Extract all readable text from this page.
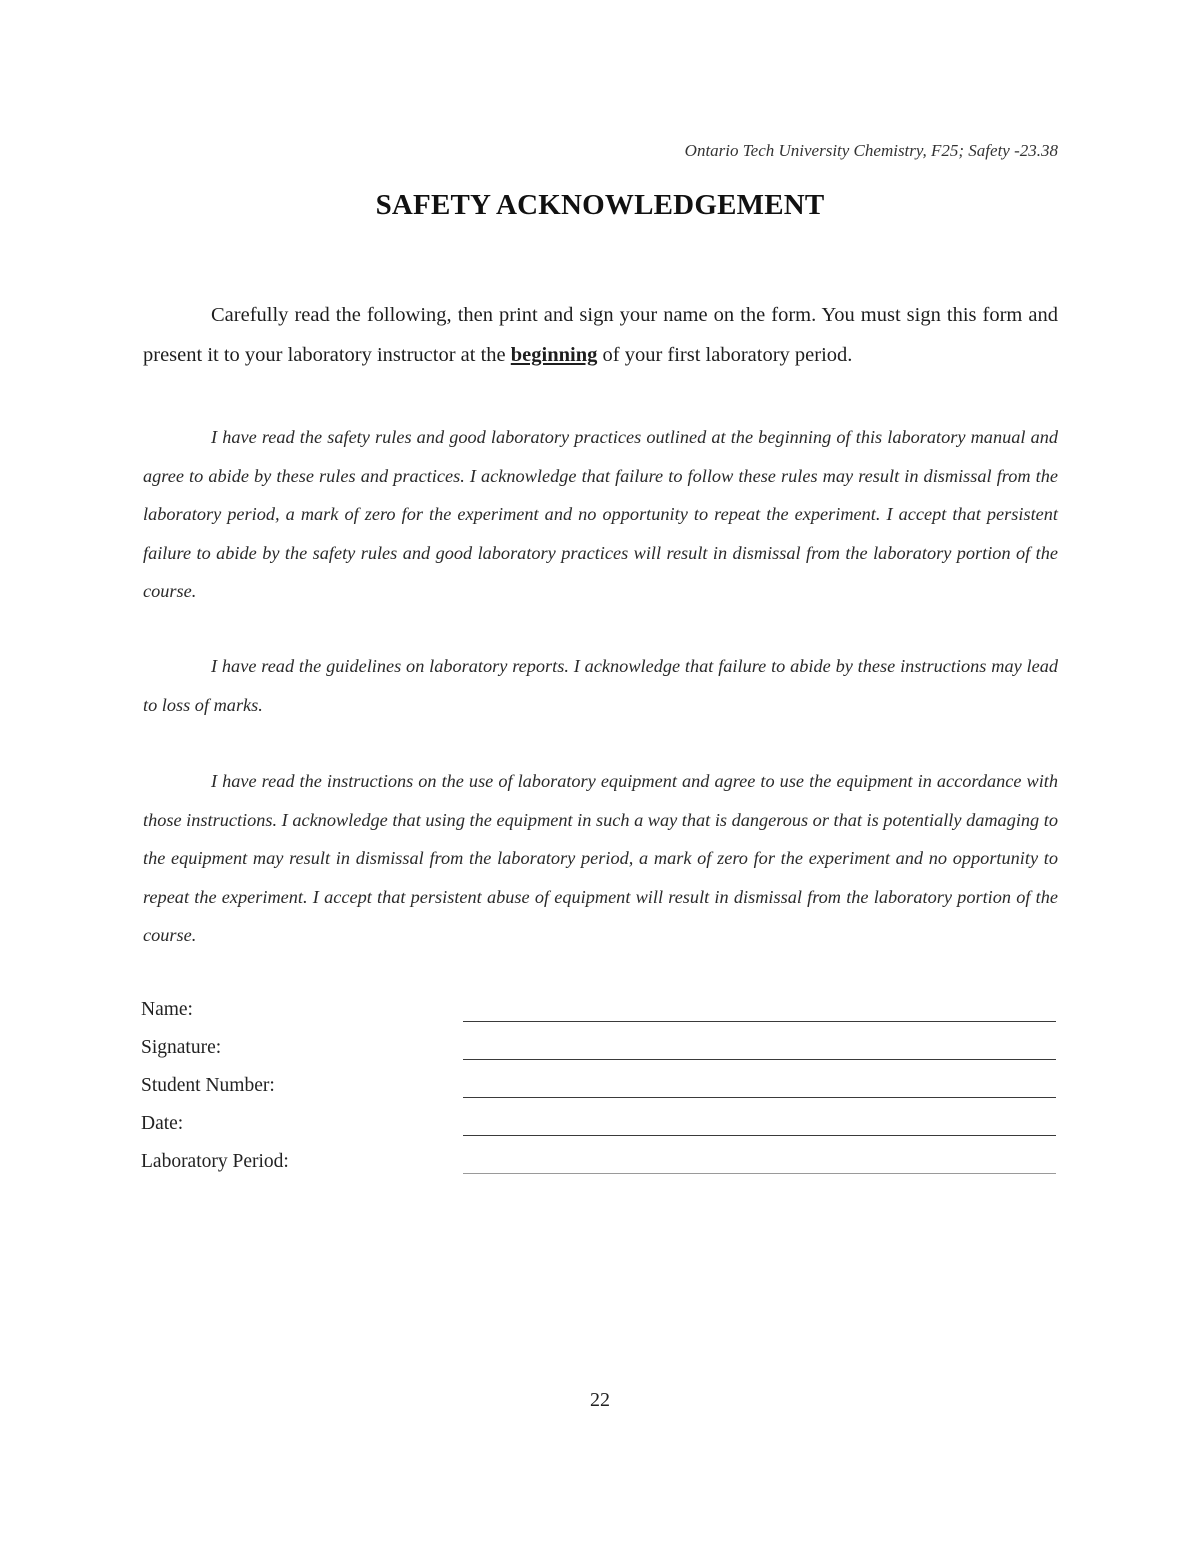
Ontario Tech University Chemistry, F25; Safety -23.38
SAFETY ACKNOWLEDGEMENT

Carefully read the following, then print and sign your name on the form. You must sign this form and present it to your laboratory instructor at the beginning of your first laboratory period.

I have read the safety rules and good laboratory practices outlined at the beginning of this laboratory manual and agree to abide by these rules and practices. I acknowledge that failure to follow these rules may result in dismissal from the laboratory period, a mark of zero for the experiment and no opportunity to repeat the experiment. I accept that persistent failure to abide by the safety rules and good laboratory practices will result in dismissal from the laboratory portion of the course.

I have read the guidelines on laboratory reports. I acknowledge that failure to abide by these instructions may lead to loss of marks.

I have read the instructions on the use of laboratory equipment and agree to use the equipment in accordance with those instructions. I acknowledge that using the equipment in such a way that is dangerous or that is potentially damaging to the equipment may result in dismissal from the laboratory period, a mark of zero for the experiment and no opportunity to repeat the experiment. I accept that persistent abuse of equipment will result in dismissal from the laboratory portion of the course.

Name:
Signature:
Student Number:
Date:
Laboratory Period:
22
